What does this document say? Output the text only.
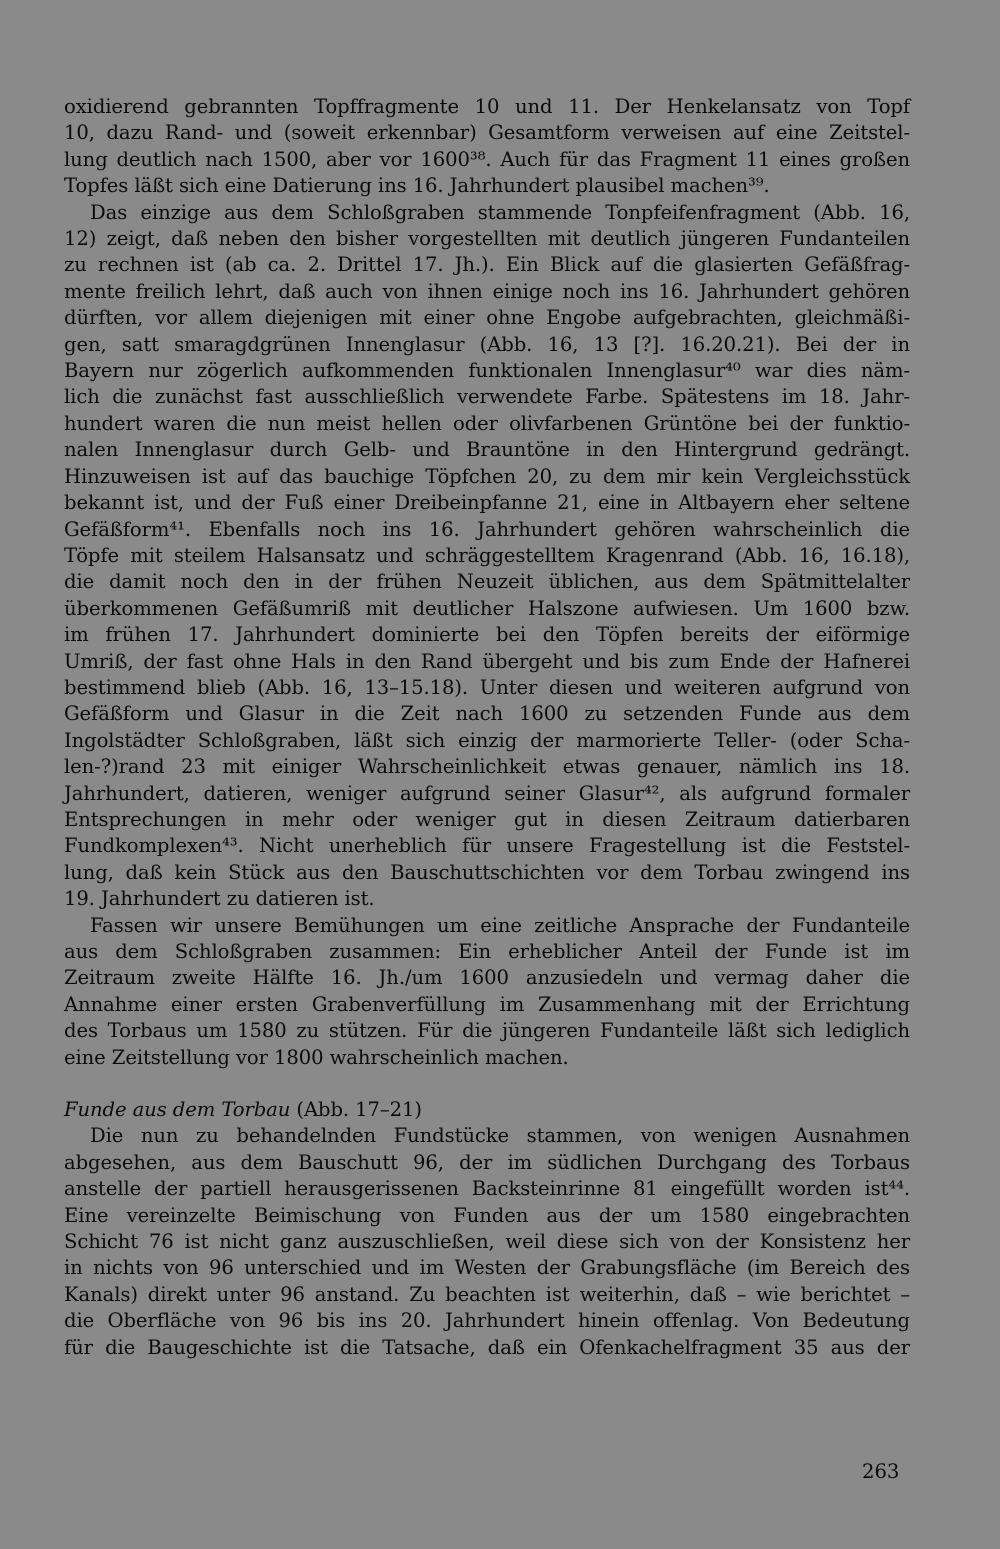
oxidierend gebrannten Topffragmente 10 und 11. Der Henkelansatz von Topf
10, dazu Rand- und (soweit erkennbar) Gesamtform verweisen auf eine Zeitstel-
lung deutlich nach 1500, aber vor 1600³⁸. Auch für das Fragment 11 eines großen
Topfes läßt sich eine Datierung ins 16. Jahrhundert plausibel machen³⁹.
Das einzige aus dem Schloßgraben stammende Tonpfeifenfragment (Abb. 16,
12) zeigt, daß neben den bisher vorgestellten mit deutlich jüngeren Fundanteilen
zu rechnen ist (ab ca. 2. Drittel 17. Jh.). Ein Blick auf die glasierten Gefäßfrag-
mente freilich lehrt, daß auch von ihnen einige noch ins 16. Jahrhundert gehören
dürften, vor allem diejenigen mit einer ohne Engobe aufgebrachten, gleichmäßi-
gen, satt smaragdgrünen Innenglasur (Abb. 16, 13 [?]. 16.20.21). Bei der in
Bayern nur zögerlich aufkommenden funktionalen Innenglasur⁴⁰ war dies näm-
lich die zunächst fast ausschließlich verwendete Farbe. Spätestens im 18. Jahr-
hundert waren die nun meist hellen oder olivfarbenen Grüntöne bei der funktio-
nalen Innenglasur durch Gelb- und Brauntöne in den Hintergrund gedrängt.
Hinzuweisen ist auf das bauchige Töpfchen 20, zu dem mir kein Vergleichsstück
bekannt ist, und der Fuß einer Dreibeinpfanne 21, eine in Altbayern eher seltene
Gefäßform⁴¹. Ebenfalls noch ins 16. Jahrhundert gehören wahrscheinlich die
Töpfe mit steilem Halsansatz und schräggestelltem Kragenrand (Abb. 16, 16.18),
die damit noch den in der frühen Neuzeit üblichen, aus dem Spätmittelalter
überkommenen Gefäßumriß mit deutlicher Halszone aufwiesen. Um 1600 bzw.
im frühen 17. Jahrhundert dominierte bei den Töpfen bereits der eiförmige
Umriß, der fast ohne Hals in den Rand übergeht und bis zum Ende der Hafnerei
bestimmend blieb (Abb. 16, 13–15.18). Unter diesen und weiteren aufgrund von
Gefäßform und Glasur in die Zeit nach 1600 zu setzenden Funde aus dem
Ingolstädter Schloßgraben, läßt sich einzig der marmorierte Teller- (oder Scha-
len-?)rand 23 mit einiger Wahrscheinlichkeit etwas genauer, nämlich ins 18.
Jahrhundert, datieren, weniger aufgrund seiner Glasur⁴², als aufgrund formaler
Entsprechungen in mehr oder weniger gut in diesen Zeitraum datierbaren
Fundkomplexen⁴³. Nicht unerheblich für unsere Fragestellung ist die Feststel-
lung, daß kein Stück aus den Bauschuttschichten vor dem Torbau zwingend ins
19. Jahrhundert zu datieren ist.
Fassen wir unsere Bemühungen um eine zeitliche Ansprache der Fundanteile
aus dem Schloßgraben zusammen: Ein erheblicher Anteil der Funde ist im
Zeitraum zweite Hälfte 16. Jh./um 1600 anzusiedeln und vermag daher die
Annahme einer ersten Grabenverfüllung im Zusammenhang mit der Errichtung
des Torbaus um 1580 zu stützen. Für die jüngeren Fundanteile läßt sich lediglich
eine Zeitstellung vor 1800 wahrscheinlich machen.
Funde aus dem Torbau (Abb. 17–21)
Die nun zu behandelnden Fundstücke stammen, von wenigen Ausnahmen
abgesehen, aus dem Bauschutt 96, der im südlichen Durchgang des Torbaus
anstelle der partiell herausgerissenen Backsteinrinne 81 eingefüllt worden ist⁴⁴.
Eine vereinzelte Beimischung von Funden aus der um 1580 eingebrachten
Schicht 76 ist nicht ganz auszuschließen, weil diese sich von der Konsistenz her
in nichts von 96 unterschied und im Westen der Grabungsfläche (im Bereich des
Kanals) direkt unter 96 anstand. Zu beachten ist weiterhin, daß – wie berichtet –
die Oberfläche von 96 bis ins 20. Jahrhundert hinein offenlag. Von Bedeutung
für die Baugeschichte ist die Tatsache, daß ein Ofenkachelfragment 35 aus der
263
